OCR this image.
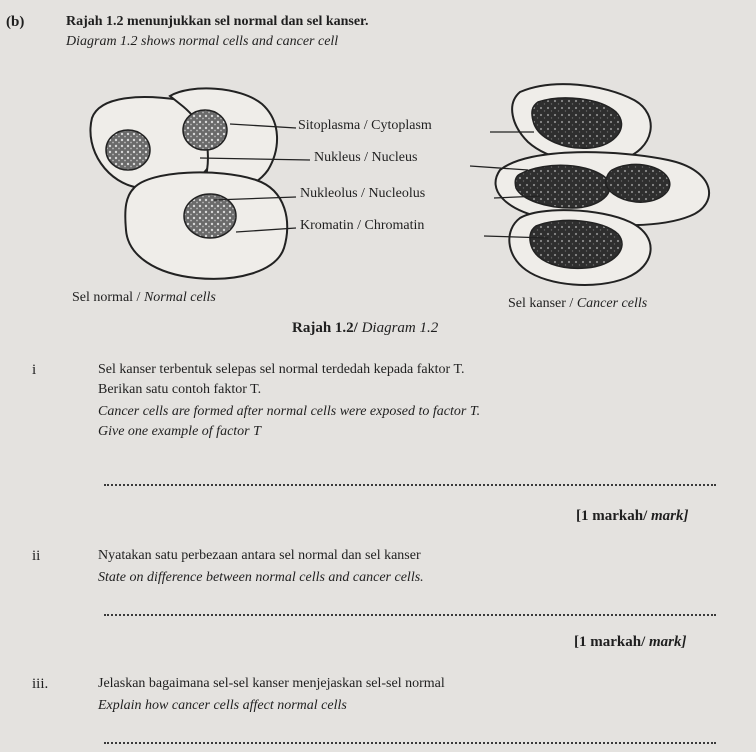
(b)	Rajah 1.2 menunjukkan sel normal dan sel kanser.
Diagram 1.2 shows normal cells and cancer cell
Sitoplasma / Cytoplasm
Nukleus / Nucleus
Nukleolus / Nucleolus
Kromatin / Chromatin
Sel normal / Normal cells	Sel kanser / Cancer cells
Rajah 1.2/ Diagram 1.2
i	Sel kanser terbentuk selepas sel normal terdedah kepada faktor T.
Berikan satu contoh faktor T.
Cancer cells are formed after normal cells were exposed to factor T.
Give one example of factor T
[1 markah/ mark]
ii	Nyatakan satu perbezaan antara sel normal dan sel kanser
State on difference between normal cells and cancer cells.
[1 markah/ mark]
iii.	Jelaskan bagaimana sel-sel kanser menjejaskan sel-sel normal
Explain how cancer cells affect normal cells
